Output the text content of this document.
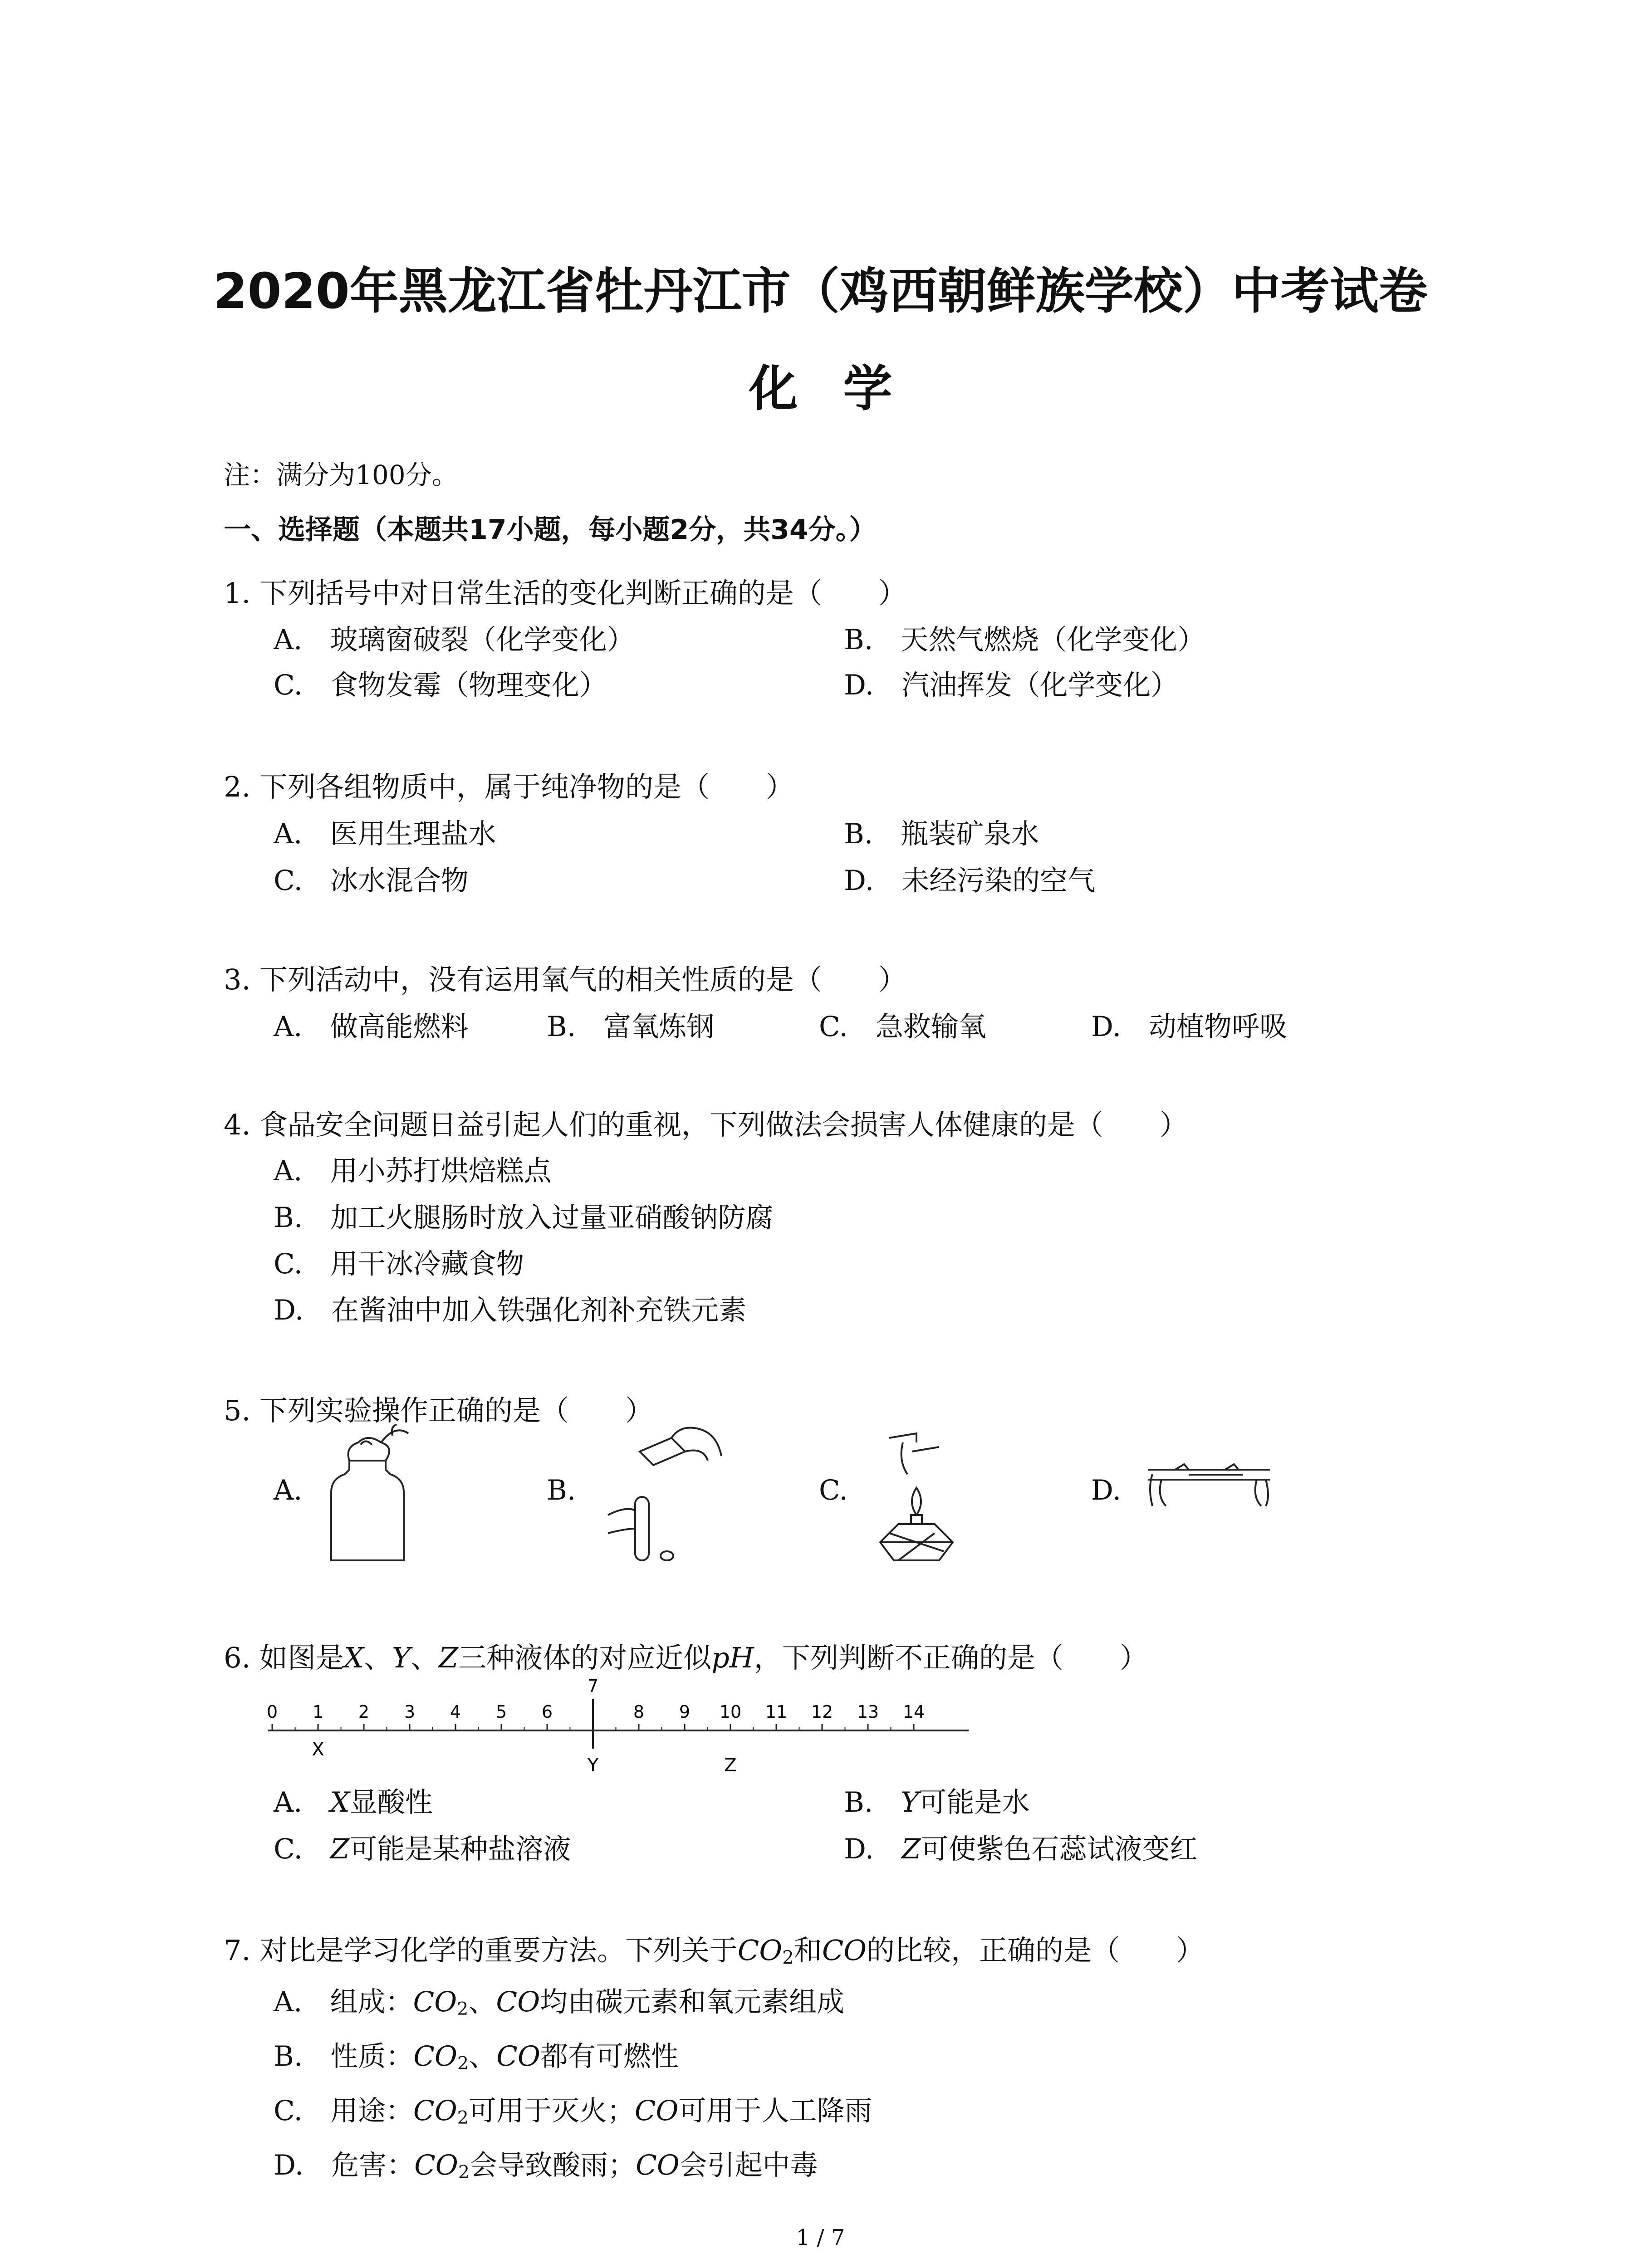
2020年黑龙江省牡丹江市（鸡西朝鲜族学校）中考试卷
化学
注：满分为100分。
一、选择题（本题共17小题，每小题2分，共34分。）
1. 下列括号中对日常生活的变化判断正确的是（　　）
A.　玻璃窗破裂（化学变化）	B.　天然气燃烧（化学变化）
C.　食物发霉（物理变化）	D.　汽油挥发（化学变化）
2. 下列各组物质中，属于纯净物的是（　　）
A.　医用生理盐水	B.　瓶装矿泉水
C.　冰水混合物	D.　未经污染的空气
3. 下列活动中，没有运用氧气的相关性质的是（　　）
A.　做高能燃料	B.　富氧炼钢	C.　急救输氧	D.　动植物呼吸
4. 食品安全问题日益引起人们的重视，下列做法会损害人体健康的是（　　）
A.　用小苏打烘焙糕点
B.　加工火腿肠时放入过量亚硝酸钠防腐
C.　用干冰冷藏食物
D.　在酱油中加入铁强化剂补充铁元素
5. 下列实验操作正确的是（　　）
A.	B.	C.	D.
6. 如图是X、Y、Z三种液体的对应近似pH，下列判断不正确的是（　　）
0 1 2 3 4 5 6
7
8 9 10 11 12 13 14
X
Y	Z
A.　X显酸性	B.　Y可能是水
C.　Z可能是某种盐溶液	D.　Z可使紫色石蕊试液变红
7. 对比是学习化学的重要方法。下列关于$CO_2$和CO的比较，正确的是（　　）
A.　组成：$CO_2$、CO均由碳元素和氧元素组成
B.　性质：$CO_2$、CO都有可燃性
C.　用途：$CO_2$可用于灭火；CO可用于人工降雨
D.　危害：$CO_2$会导致酸雨；CO会引起中毒
1 / 7
